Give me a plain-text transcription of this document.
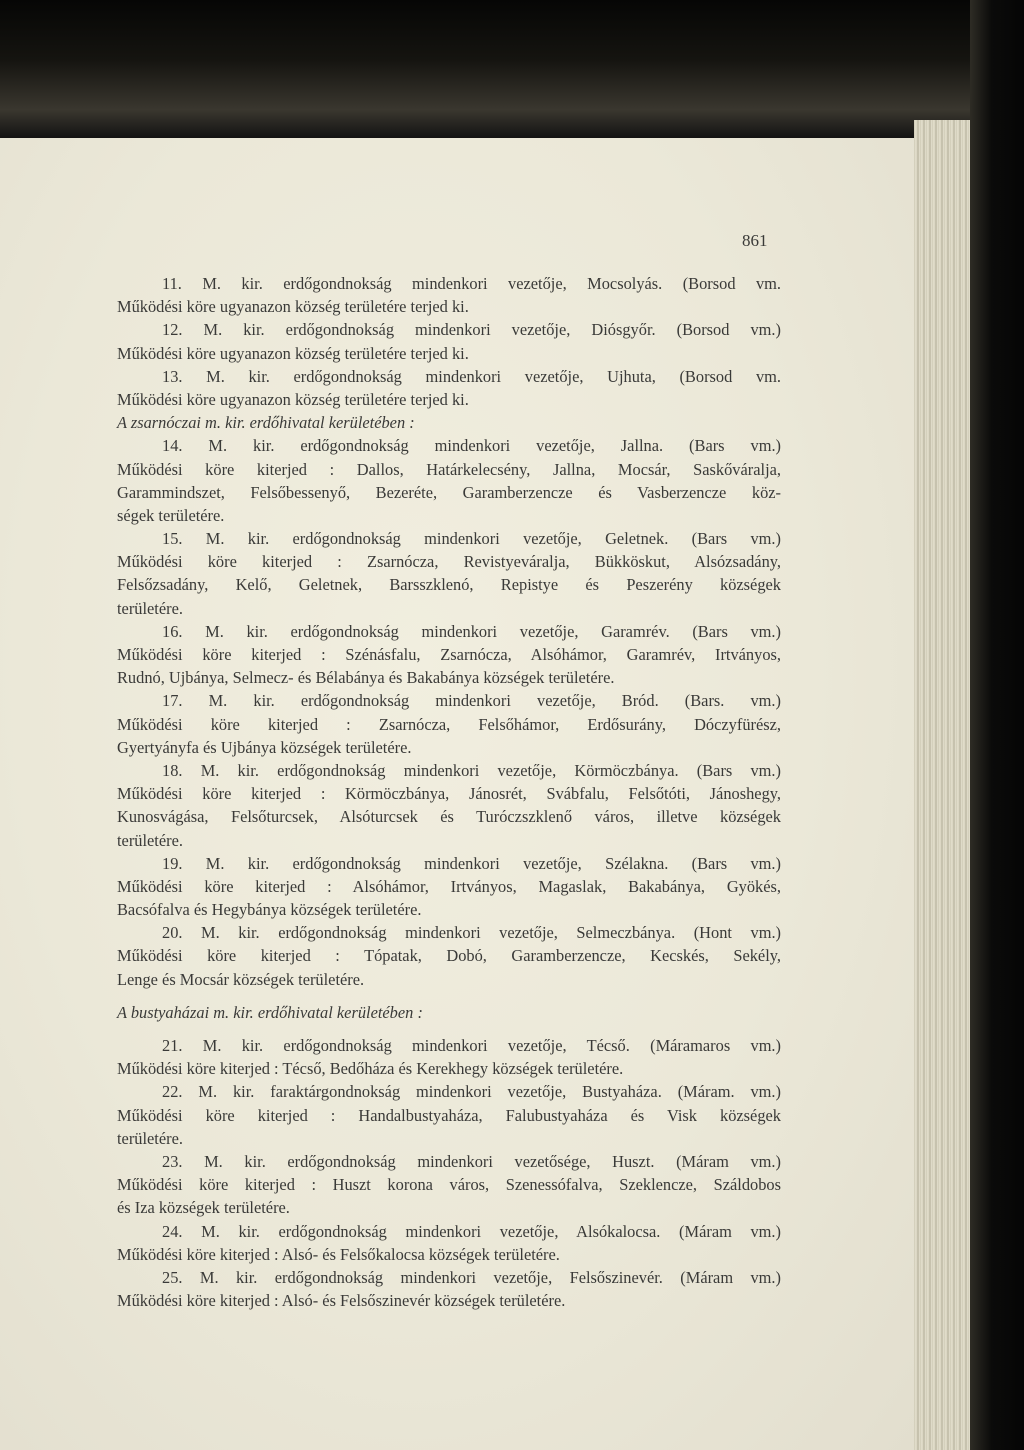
861
11. M. kir. erdőgondnokság mindenkori vezetője, Mocsolyás. (Borsod vm.
Működési köre ugyanazon község területére terjed ki.
12. M. kir. erdőgondnokság mindenkori vezetője, Diósgyőr. (Borsod vm.)
Működési köre ugyanazon község területére terjed ki.
13. M. kir. erdőgondnokság mindenkori vezetője, Ujhuta, (Borsod vm.
Működési köre ugyanazon község területére terjed ki.
A zsarnóczai m. kir. erdőhivatal kerületében :
14. M. kir. erdőgondnokság mindenkori vezetője, Jallna. (Bars vm.)
Működési köre kiterjed : Dallos, Határkelecsény, Jallna, Mocsár, Saskőváralja,
Garammindszet, Felsőbessenyő, Bezeréte, Garamberzencze és Vasberzencze köz-
ségek területére.
15. M. kir. erdőgondnokság mindenkori vezetője, Geletnek. (Bars vm.)
Működési köre kiterjed : Zsarnócza, Revistyeváralja, Bükköskut, Alsózsadány,
Felsőzsadány, Kelő, Geletnek, Barsszklenó, Repistye és Peszerény községek
területére.
16. M. kir. erdőgondnokság mindenkori vezetője, Garamrév. (Bars vm.)
Működési köre kiterjed : Szénásfalu, Zsarnócza, Alsóhámor, Garamrév, Irtványos,
Rudnó, Ujbánya, Selmecz- és Bélabánya és Bakabánya községek területére.
17. M. kir. erdőgondnokság mindenkori vezetője, Bród. (Bars. vm.)
Működési köre kiterjed : Zsarnócza, Felsőhámor, Erdősurány, Dóczyfürész,
Gyertyányfa és Ujbánya községek területére.
18. M. kir. erdőgondnokság mindenkori vezetője, Körmöczbánya. (Bars vm.)
Működési köre kiterjed : Körmöczbánya, Jánosrét, Svábfalu, Felsőtóti, Jánoshegy,
Kunosvágása, Felsőturcsek, Alsóturcsek és Turóczszklenő város, illetve községek
területére.
19. M. kir. erdőgondnokság mindenkori vezetője, Szélakna. (Bars vm.)
Működési köre kiterjed : Alsóhámor, Irtványos, Magaslak, Bakabánya, Gyökés,
Bacsófalva és Hegybánya községek területére.
20. M. kir. erdőgondnokság mindenkori vezetője, Selmeczbánya. (Hont vm.)
Működési köre kiterjed : Tópatak, Dobó, Garamberzencze, Kecskés, Sekély,
Lenge és Mocsár községek területére.
A bustyaházai m. kir. erdőhivatal kerületében :
21. M. kir. erdőgondnokság mindenkori vezetője, Técső. (Máramaros vm.)
Működési köre kiterjed : Técső, Bedőháza és Kerekhegy községek területére.
22. M. kir. faraktárgondnokság mindenkori vezetője, Bustyaháza. (Máram. vm.)
Működési köre kiterjed : Handalbustyaháza, Falubustyaháza és Visk községek
területére.
23. M. kir. erdőgondnokság mindenkori vezetősége, Huszt. (Máram vm.)
Működési köre kiterjed : Huszt korona város, Szenessófalva, Szeklencze, Száldobos
és Iza községek területére.
24. M. kir. erdőgondnokság mindenkori vezetője, Alsókalocsa. (Máram vm.)
Működési köre kiterjed : Alsó- és Felsőkalocsa községek területére.
25. M. kir. erdőgondnokság mindenkori vezetője, Felsőszinevér. (Máram vm.)
Működési köre kiterjed : Alsó- és Felsőszinevér községek területére.
